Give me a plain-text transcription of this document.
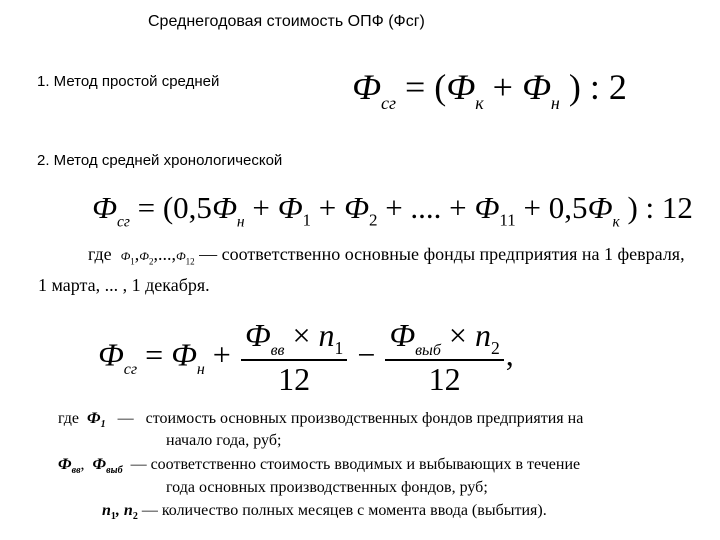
Среднегодовая стоимость ОПФ (Фсг)
1. Метод простой средней	$Ф_{сг} = (Ф_к + Ф_н$ ) : 2
2. Метод средней хронологической
$Ф_{сг} = (0,5Ф_н + Ф_1 + Ф_2$ + .... + $Ф_{11} + 0,5Ф_к$ ) : 12
где $Ф_1,Ф_2,...,Ф_{12}$ — соответственно основные фонды предприятия на 1 февраля,
1 марта, ... , 1 декабря.
$Ф_{сг} = Ф_н + \frac{Ф_{вв} \times n_1}{12} - \frac{Ф_{выб} \times n_2}{12}$ ,
где $Ф_1$ — стоимость основных производственных фондов предприятия на
начало года, руб;
$Ф_{вв}$,  $Ф_{выб}$ — соответственно стоимость вводимых и выбывающих в течение
года основных производственных фондов, руб;
$n_1$, $n_2$ — количество полных месяцев с момента ввода (выбытия).
